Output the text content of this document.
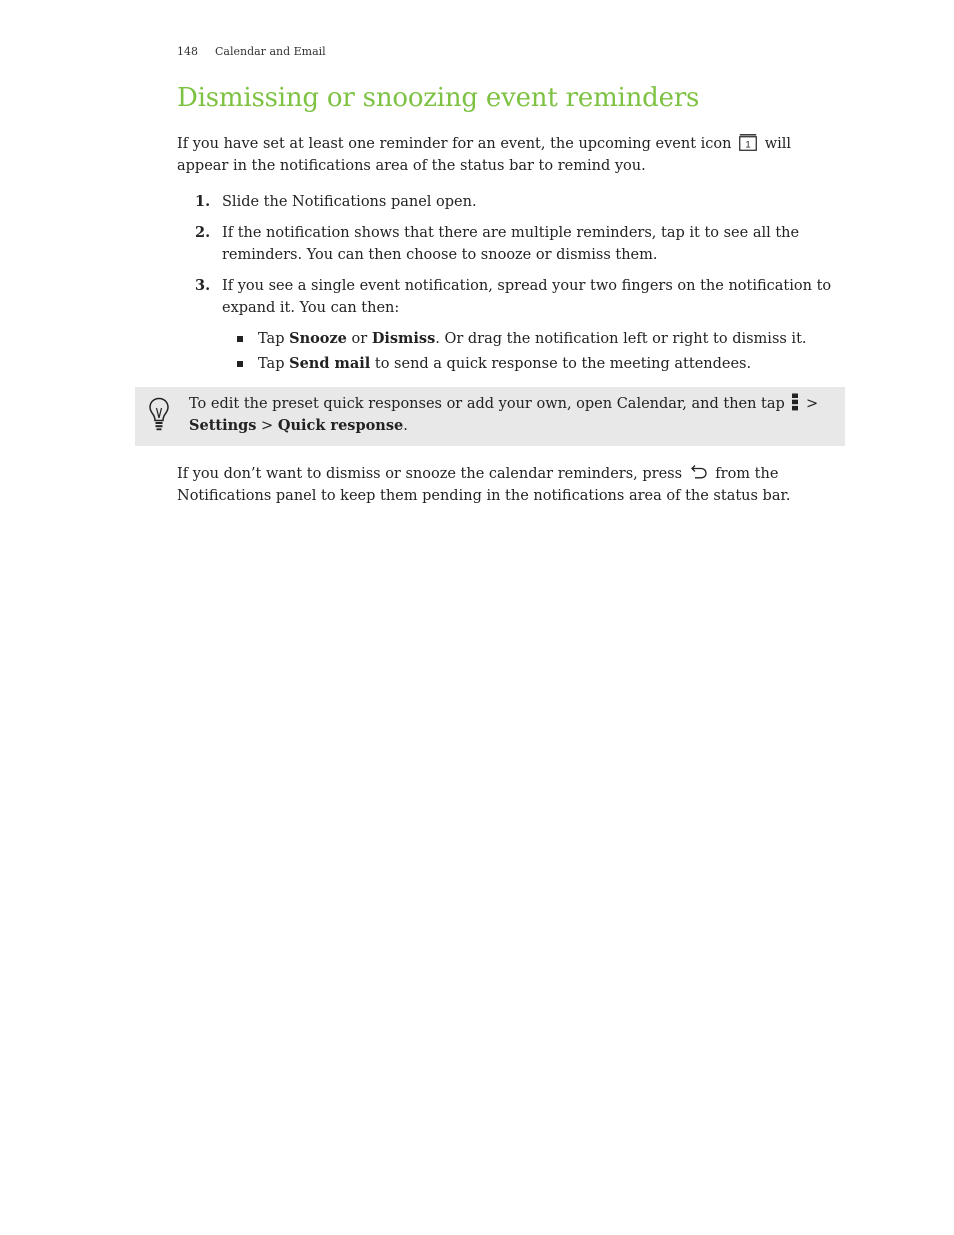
148 Calendar and Email
Dismissing or snoozing event reminders
If you have set at least one reminder for an event, the upcoming event icon 1 will appear in the notifications area of the status bar to remind you.
1. Slide the Notifications panel open.
2. If the notification shows that there are multiple reminders, tap it to see all the reminders. You can then choose to snooze or dismiss them.
3. If you see a single event notification, spread your two fingers on the notification to expand it. You can then:
Tap Snooze or Dismiss. Or drag the notification left or right to dismiss it.
Tap Send mail to send a quick response to the meeting attendees.
To edit the preset quick responses or add your own, open Calendar, and then tap  > Settings > Quick response.
If you don’t want to dismiss or snooze the calendar reminders, press from the Notifications panel to keep them pending in the notifications area of the status bar.
